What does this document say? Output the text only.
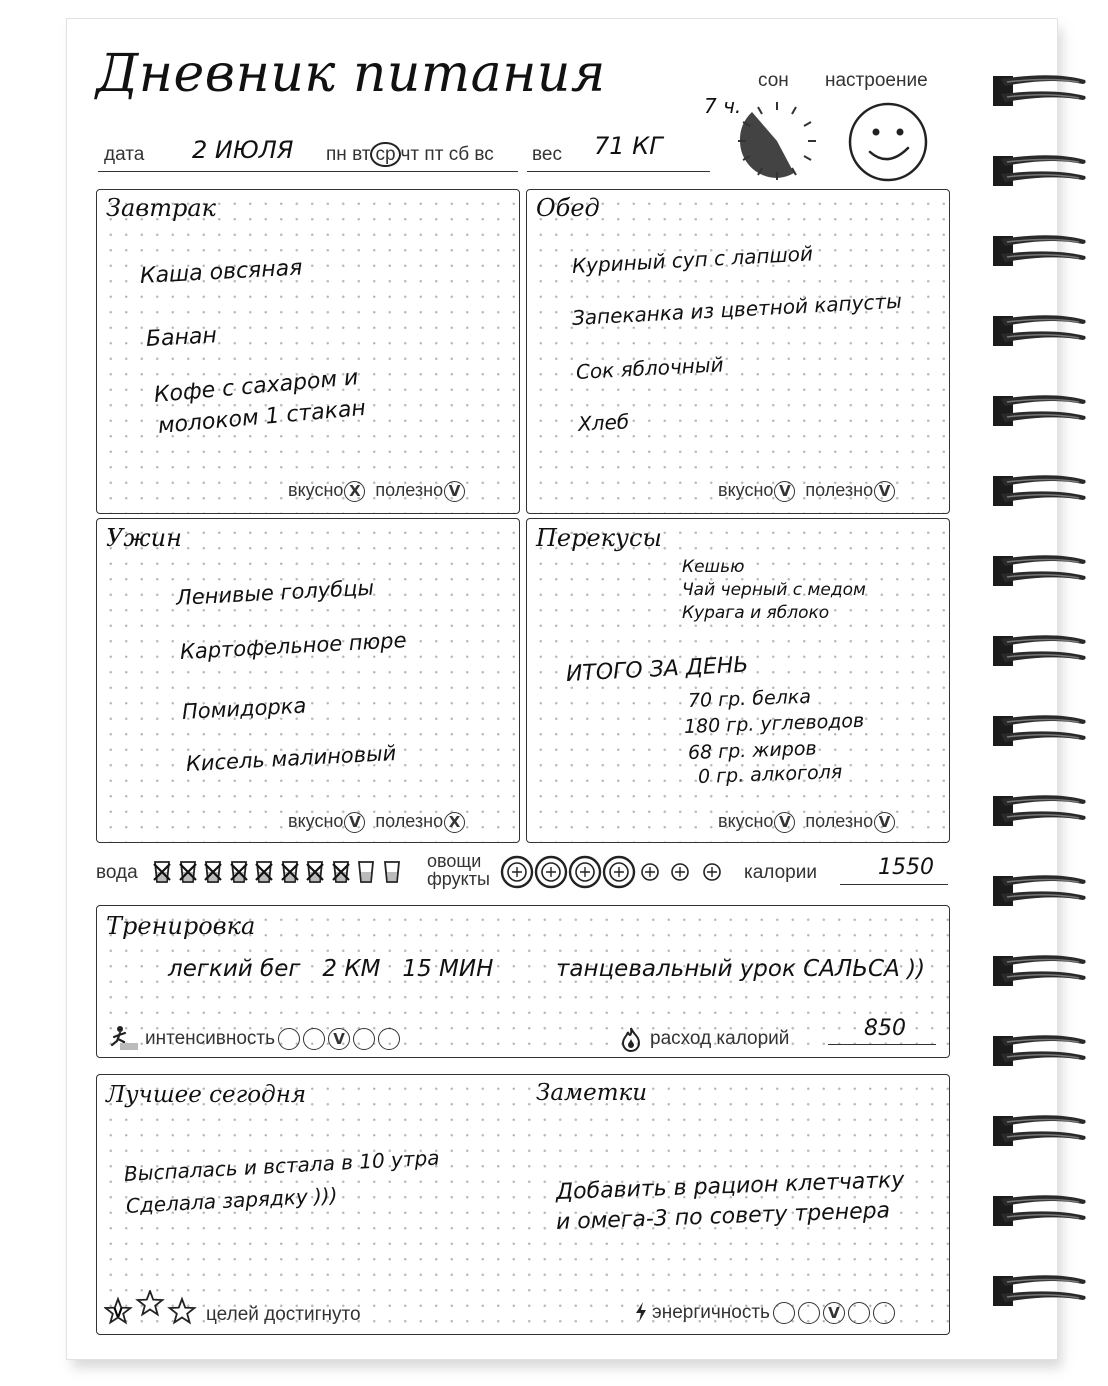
Дневник питания
дата 2 ИЮЛЯ пн вт ср чт пт сб вс вес 71 КГ
сон
7 ч.
настроение
Завтрак
Каша овсяная
Банан
Кофе с сахаром и
молоком 1 стакан
вкусно X полезно V
Обед
Куриный суп с лапшой
Запеканка из цветной капусты
Сок яблочный
Хлеб
вкусно V полезно V
Ужин
Ленивые голубцы
Картофельное пюре
Помидорка
Кисель малиновый
вкусно V полезно X
Перекусы
Кешью
Чай черный с медом
Курага и яблоко
ИТОГО ЗА ДЕНЬ
70 гр. белка
180 гр. углеводов
68 гр. жиров
0 гр. алкоголя
вкусно V полезно V
вода
овощи
фрукты	калории	1550
Тренировка
легкий бег   2 КМ   15 МИН	танцевальный урок САЛЬСА ))
интенсивность	V	расход калорий	850
Лучшее сегодня	Заметки
Выспалась и встала в 10 утра
Сделала зарядку )))	Добавить в рацион клетчатку
и омега-3 по совету тренера
V	целей достигнуто	энергичность	V
